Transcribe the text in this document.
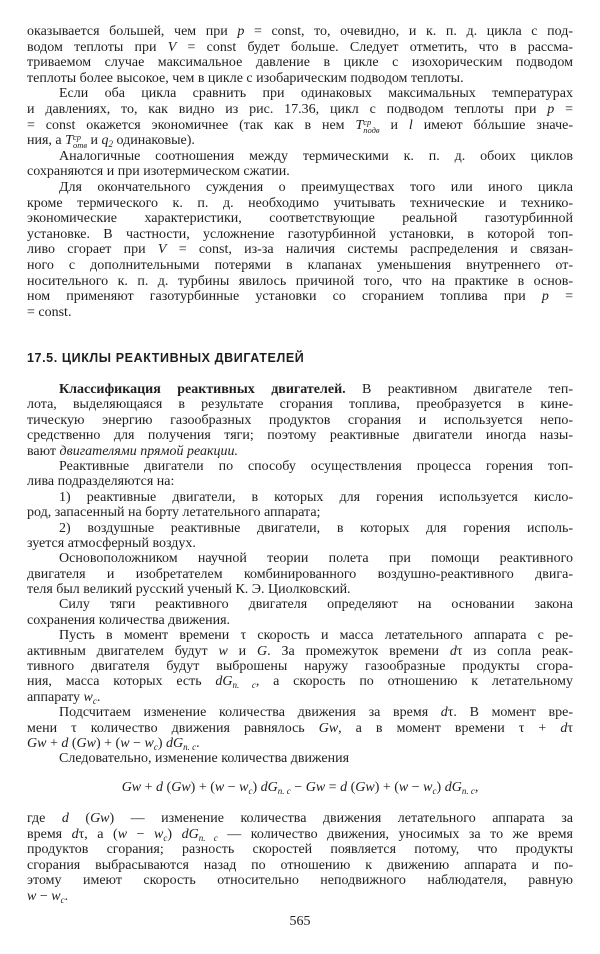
оказывается большей, чем при p = const, то, очевидно, и к. п. д. цикла с под-
водом теплоты при V = const будет больше. Следует отметить, что в рассма-
триваемом случае максимальное давление в цикле с изохорическим подводом
теплоты более высокое, чем в цикле с изобарическим подводом теплоты.
Если оба цикла сравнить при одинаковых максимальных температурах
и давлениях, то, как видно из рис. 17.36, цикл с подводом теплоты при p =
= const окажется экономичнее (так как в нем T ср
подв и l имеют бóльшие значе-
ния, а T ср
отв и $q_2$ одинаковые).
Аналогичные соотношения между термическими к. п. д. обоих циклов
сохраняются и при изотермическом сжатии.
Для окончательного суждения о преимуществах того или иного цикла
кроме термического к. п. д. необходимо учитывать технические и технико-
экономические характеристики, соответствующие реальной газотурбинной
установке. В частности, усложнение газотурбинной установки, в которой топ-
ливо сгорает при V = const, из-за наличия системы распределения и связан-
ного с дополнительными потерями в клапанах уменьшения внутреннего от-
носительного к. п. д. турбины явилось причиной того, что на практике в основ-
ном применяют газотурбинные установки со сгоранием топлива при p =
= const.
17.5. ЦИКЛЫ РЕАКТИВНЫХ ДВИГАТЕЛЕЙ
Классификация реактивных двигателей. В реактивном двигателе теп-
лота, выделяющаяся в результате сгорания топлива, преобразуется в кине-
тическую энергию газообразных продуктов сгорания и используется непо-
средственно для получения тяги; поэтому реактивные двигатели иногда назы-
вают двигателями прямой реакции.
Реактивные двигатели по способу осуществления процесса горения топ-
лива подразделяются на:
1) реактивные двигатели, в которых для горения используется кисло-
род, запасенный на борту летательного аппарата;
2) воздушные реактивные двигатели, в которых для горения исполь-
зуется атмосферный воздух.
Основоположником научной теории полета при помощи реактивного
двигателя и изобретателем комбинированного воздушно-реактивного двига-
теля был великий русский ученый К. Э. Циолковский.
Силу тяги реактивного двигателя определяют на основании закона
сохранения количества движения.
Пусть в момент времени τ скорость и масса летательного аппарата с ре-
активным двигателем будут w и G. За промежуток времени dτ из сопла реак-
тивного двигателя будут выброшены наружу газообразные продукты сгора-
ния, масса которых есть $dG_{п. с}$, а скорость по отношению к летательному
аппарату $w_c$.
Подсчитаем изменение количества движения за время dτ. В момент вре-
мени τ количество движения равнялось Gw, а в момент времени τ + dτ
Gw + d $(Gw) + (w - w_c)$ $dG_{п. с}$.
Следовательно, изменение количества движения
Gw + d $(Gw) + (w - w_c)$ $dG_{п. с} - Gw = d$ $(Gw) + (w - w_c)$ $dG_{п. с}$,
где d (Gw) — изменение количества движения летательного аппарата за
время dτ, а $(w - w_c)$ $dG_{п. с}$ — количество движения, уносимых за то же время
продуктов сгорания; разность скоростей появляется потому, что продукты
сгорания выбрасываются назад по отношению к движению аппарата и по-
этому имеют скорость относительно неподвижного наблюдателя, равную
$w - w_c$.
565
